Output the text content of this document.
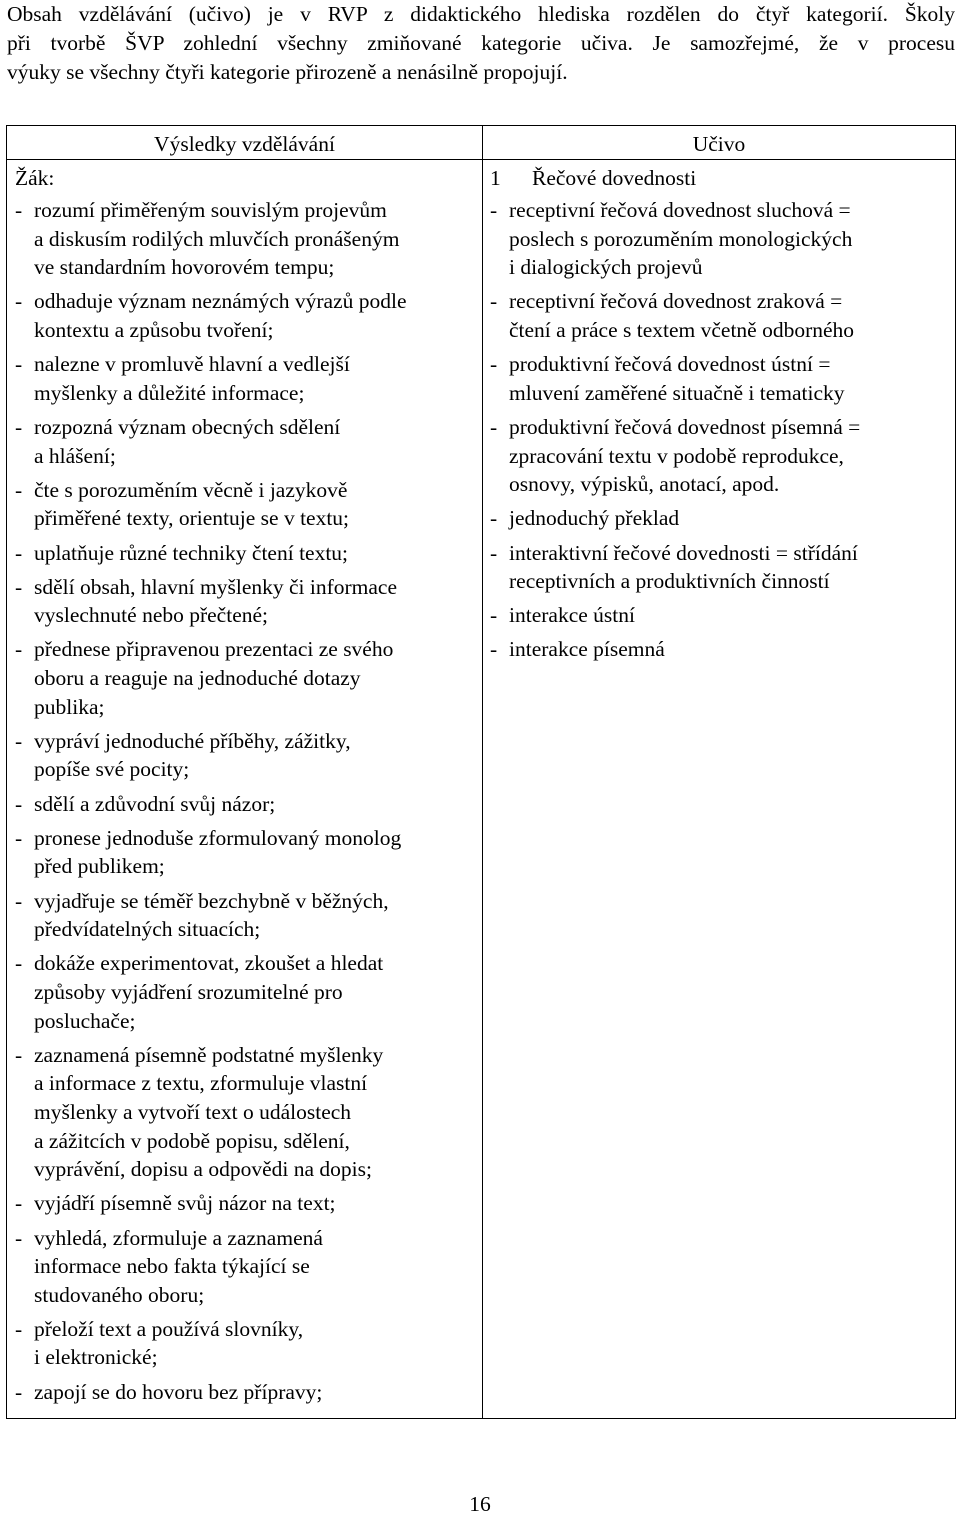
Obsah vzdělávání (učivo) je v RVP z didaktického hlediska rozdělen do čtyř kategorií. Školy
při tvorbě ŠVP zohlední všechny zmiňované kategorie učiva. Je samozřejmé, že v procesu
výuky se všechny čtyři kategorie přirozeně a nenásilně propojují.
Výsledky vzdělávání	Učivo
Žák:
- rozumí přiměřeným souvislým projevům
a diskusím rodilých mluvčích pronášeným
ve standardním hovorovém tempu;
- odhaduje význam neznámých výrazů podle
kontextu a způsobu tvoření;
- nalezne v promluvě hlavní a vedlejší
myšlenky a důležité informace;
- rozpozná význam obecných sdělení
a hlášení;
- čte s porozuměním věcně i jazykově
přiměřené texty, orientuje se v textu;
- uplatňuje různé techniky čtení textu;
- sdělí obsah, hlavní myšlenky či informace
vyslechnuté nebo přečtené;
- přednese připravenou prezentaci ze svého
oboru a reaguje na jednoduché dotazy
publika;
- vypráví jednoduché příběhy, zážitky,
popíše své pocity;
- sdělí a zdůvodní svůj názor;
- pronese jednoduše zformulovaný monolog
před publikem;
- vyjadřuje se téměř bezchybně v běžných,
předvídatelných situacích;
- dokáže experimentovat, zkoušet a hledat
způsoby vyjádření srozumitelné pro
posluchače;
- zaznamená písemně podstatné myšlenky
a informace z textu, zformuluje vlastní
myšlenky a vytvoří text o událostech
a zážitcích v podobě popisu, sdělení,
vyprávění, dopisu a odpovědi na dopis;
- vyjádří písemně svůj názor na text;
- vyhledá, zformuluje a zaznamená
informace nebo fakta týkající se
studovaného oboru;
- přeloží text a používá slovníky,
i elektronické;
- zapojí se do hovoru bez přípravy;
1 Řečové dovednosti
- receptivní řečová dovednost sluchová =
poslech s porozuměním monologických
i dialogických projevů
- receptivní řečová dovednost zraková =
čtení a práce s textem včetně odborného
- produktivní řečová dovednost ústní =
mluvení zaměřené situačně i tematicky
- produktivní řečová dovednost písemná =
zpracování textu v podobě reprodukce,
osnovy, výpisků, anotací, apod.
- jednoduchý překlad
- interaktivní řečové dovednosti = střídání
receptivních a produktivních činností
- interakce ústní
- interakce písemná
16
